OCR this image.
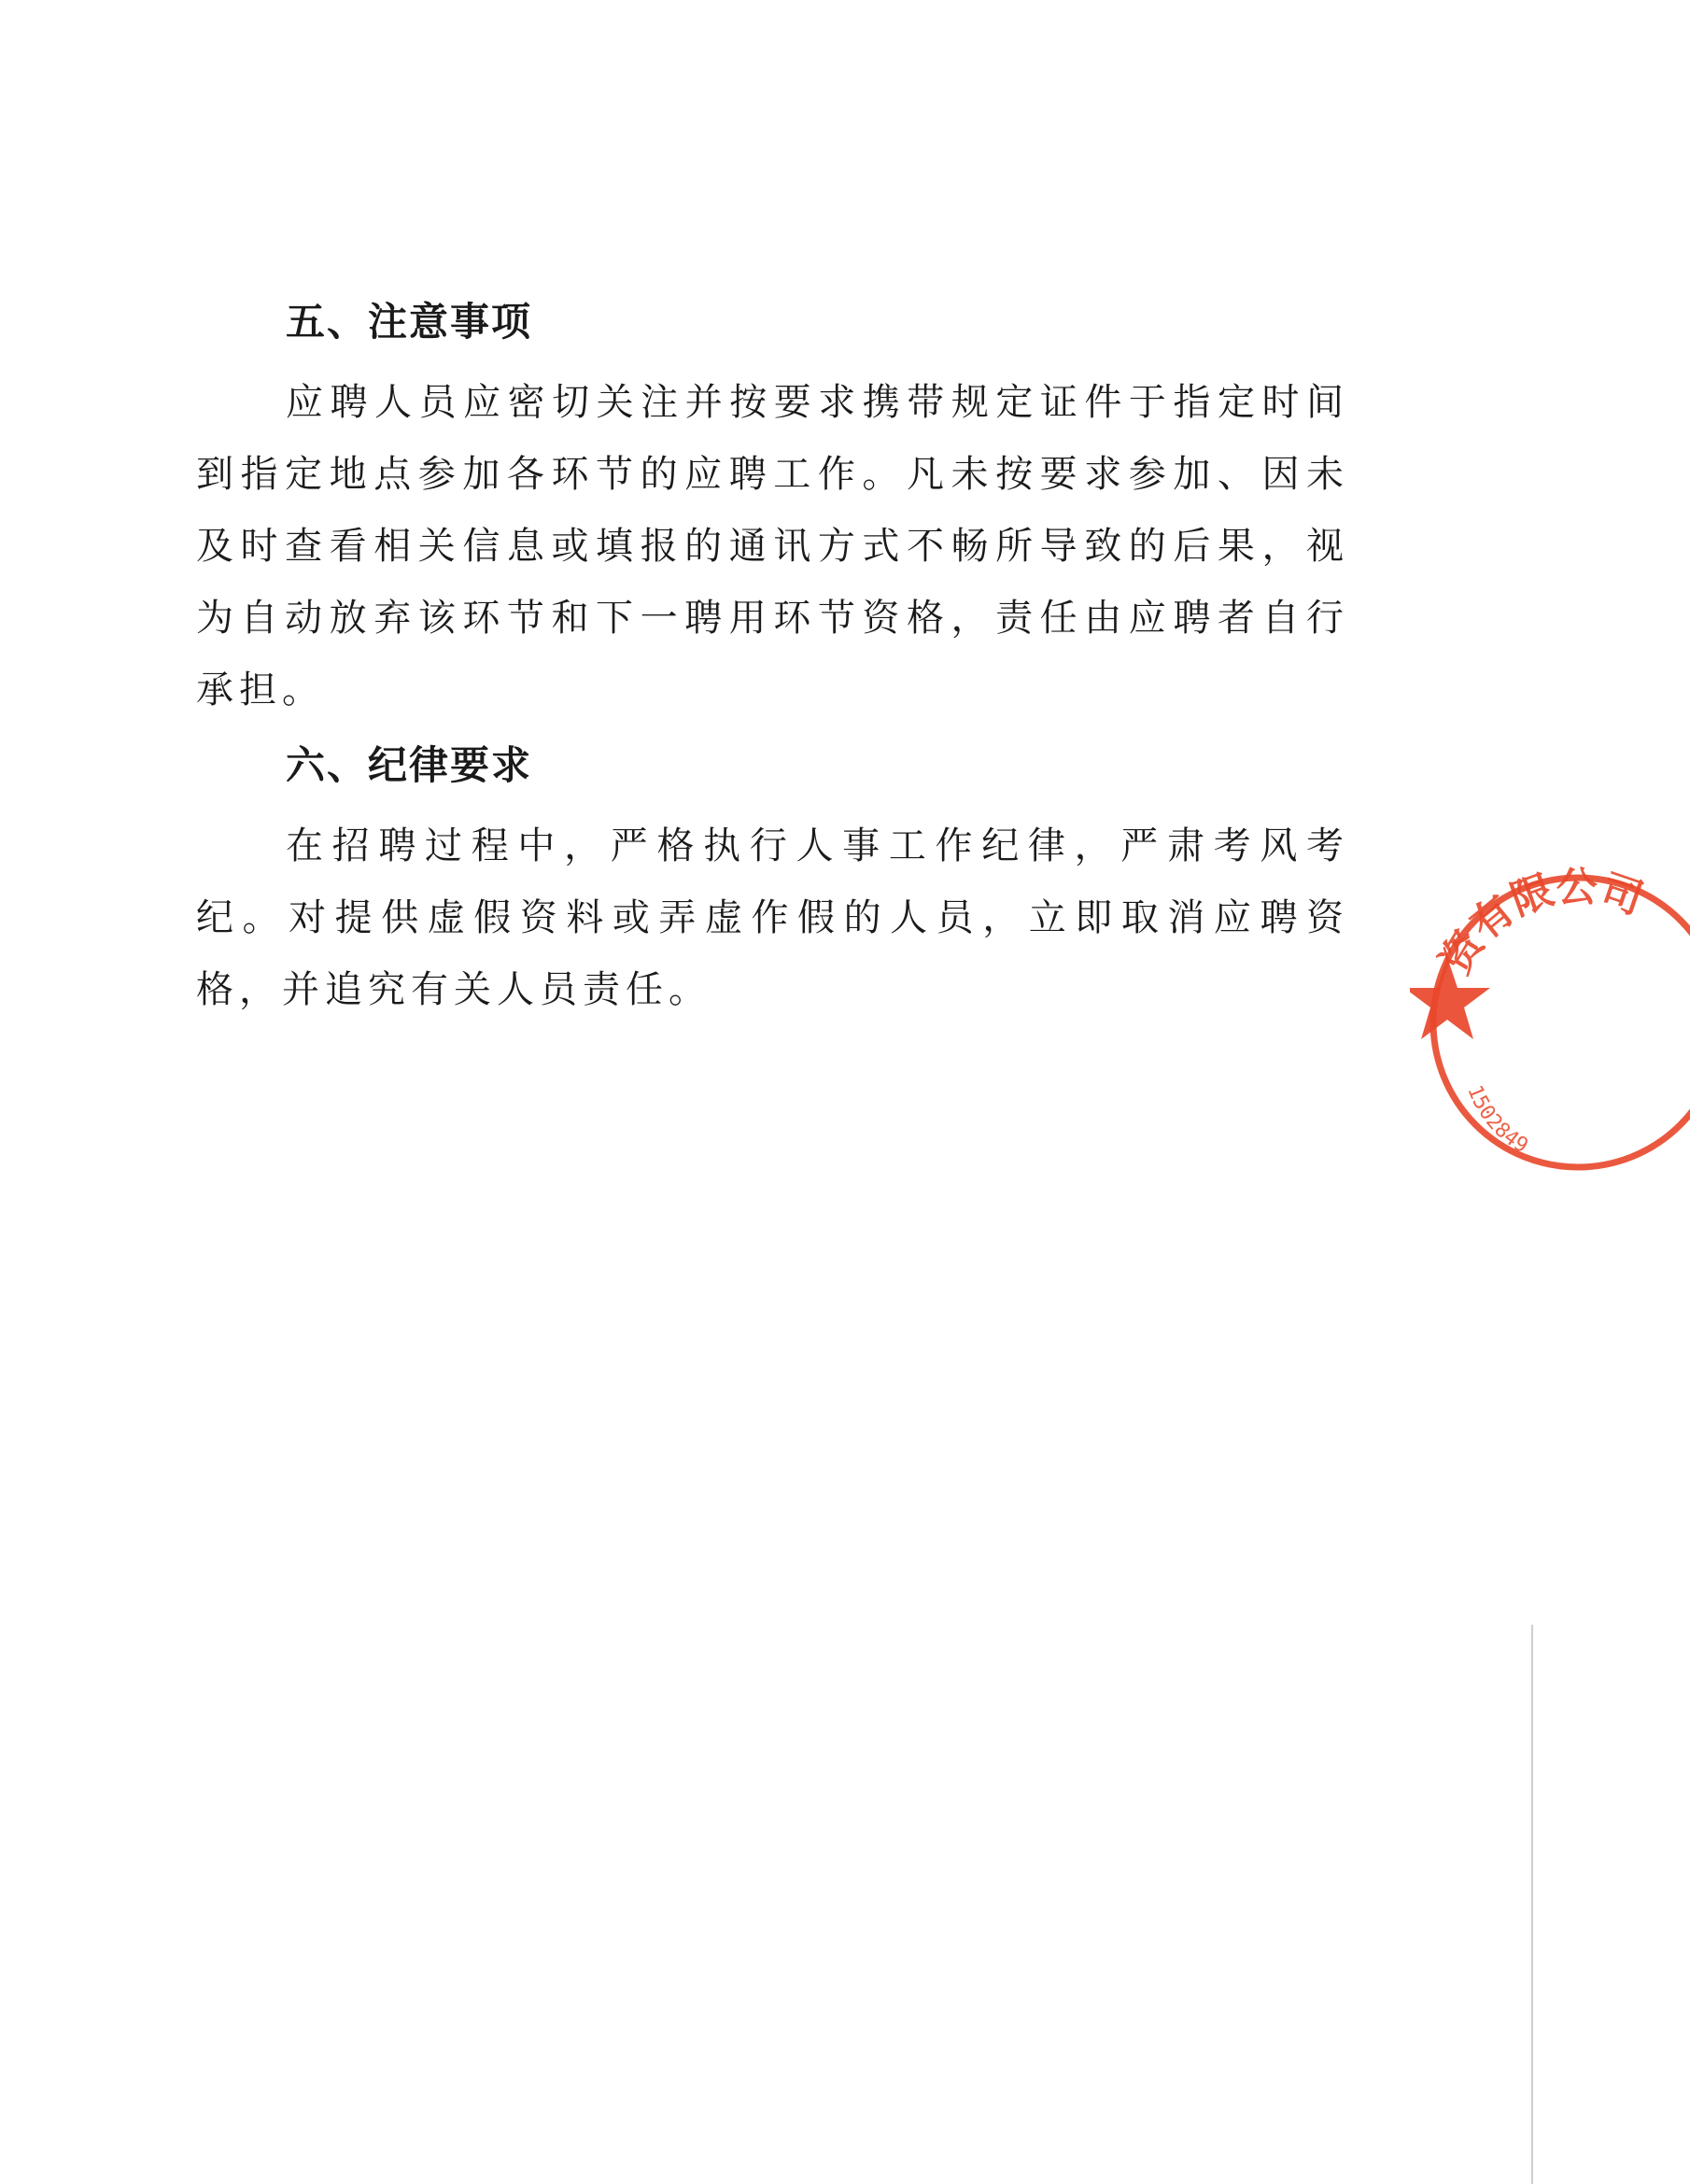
五、注意事项

应聘人员应密切关注并按要求携带规定证件于指定时间到指定地点参加各环节的应聘工作。凡未按要求参加、因未及时查看相关信息或填报的通讯方式不畅所导致的后果，视为自动放弃该环节和下一聘用环节资格，责任由应聘者自行承担。

六、纪律要求

在招聘过程中，严格执行人事工作纪律，严肃考风考纪。对提供虚假资料或弄虚作假的人员，立即取消应聘资格，并追究有关人员责任。

资有限公司
1502849
